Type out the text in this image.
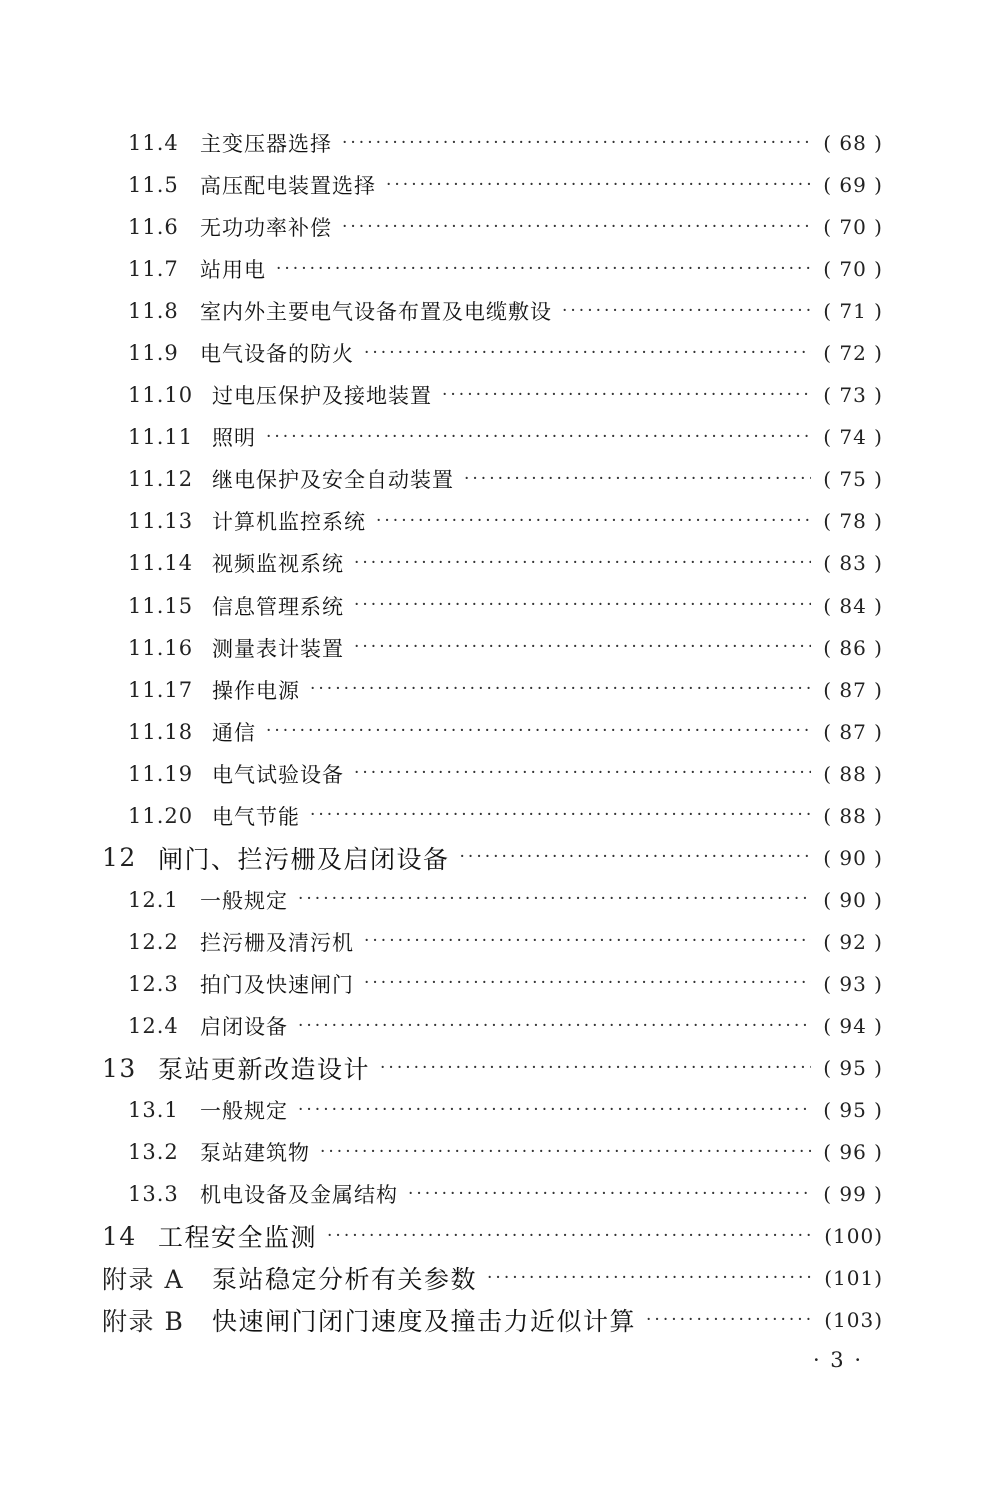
11.4	主变压器选择 ·····	( 68 )
11.5	高压配电装置选择 ·····	( 69 )
11.6	无功功率补偿 ·····	( 70 )
11.7	站用电 ·····	( 70 )
11.8	室内外主要电气设备布置及电缆敷设 ·····	( 71 )
11.9	电气设备的防火 ·····	( 72 )
11.10 过电压保护及接地装置 ·····	( 73 )
11.11 照明 ·····	( 74 )
11.12 继电保护及安全自动装置 ·····	( 75 )
11.13 计算机监控系统 ·····	( 78 )
11.14 视频监视系统 ·····	( 83 )
11.15 信息管理系统 ·····	( 84 )
11.16 测量表计装置 ·····	( 86 )
11.17 操作电源 ·····	( 87 )
11.18 通信 ·····	( 87 )
11.19 电气试验设备 ·····	( 88 )
11.20 电气节能 ·····	( 88 )
12 闸门、拦污栅及启闭设备 ·····	( 90 )
12.1	一般规定 ·····	( 90 )
12.2	拦污栅及清污机 ·····	( 92 )
12.3	拍门及快速闸门 ·····	( 93 )
12.4	启闭设备 ·····	( 94 )
13 泵站更新改造设计 ·····	( 95 )
13.1	一般规定 ·····	( 95 )
13.2	泵站建筑物 ·····	( 96 )
13.3	机电设备及金属结构 ·····	( 99 )
14 工程安全监测 ·····	(100)
附录 A	泵站稳定分析有关参数 ·····	(101)
附录 B	快速闸门闭门速度及撞击力近似计算 ·····	(103)
· 3 ·
